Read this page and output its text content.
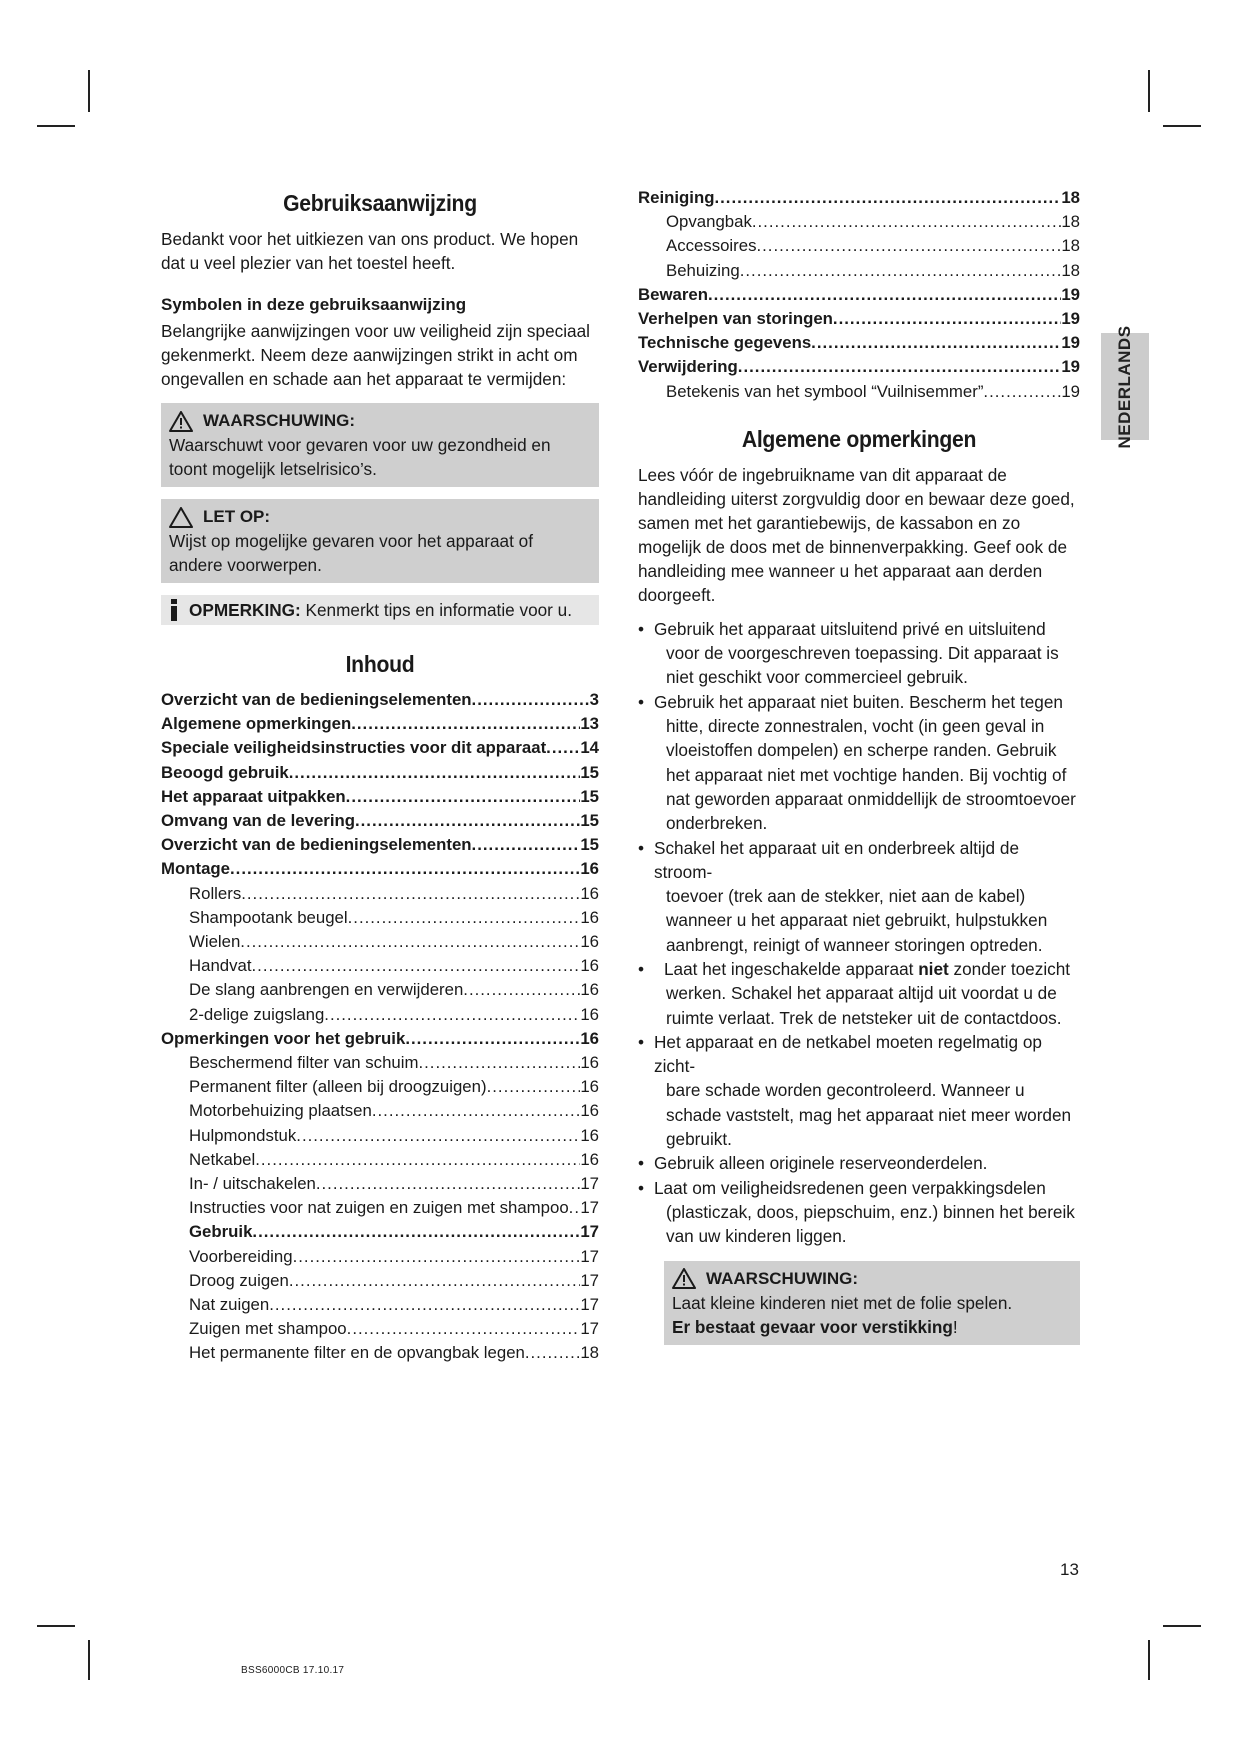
Gebruiksaanwijzing

Bedankt voor het uitkiezen van ons product. We hopen dat u veel plezier van het toestel heeft.

Symbolen in deze gebruiksaanwijzing

Belangrijke aanwijzingen voor uw veiligheid zijn speciaal gekenmerkt. Neem deze aanwijzingen strikt in acht om ongevallen en schade aan het apparaat te vermijden:

WAARSCHUWING:
Waarschuwt voor gevaren voor uw gezondheid en toont mogelijk letselrisico’s.
LET OP:
Wijst op mogelijke gevaren voor het apparaat of andere voorwerpen.
OPMERKING: Kenmerkt tips en informatie voor u.
Inhoud
Overzicht van de bedieningselementen .....	3
Algemene opmerkingen .....	13
Speciale veiligheidsinstructies voor dit apparaat ..... 14
Beoogd gebruik .....	15
Het apparaat uitpakken .....	15
Omvang van de levering .....	15
Overzicht van de bedieningselementen .....	15
Montage .....	16
Rollers .....	16
Shampootank beugel .....	16
Wielen .....	16
Handvat .....	16
De slang aanbrengen en verwijderen .....	16
2-delige zuigslang .....	16
Opmerkingen voor het gebruik .....	16
Beschermend filter van schuim .....	16
Permanent filter (alleen bij droogzuigen) .....	16
Motorbehuizing plaatsen .....	16
Hulpmondstuk .....	16
Netkabel .....	16
In- / uitschakelen .....	17
Instructies voor nat zuigen en zuigen met shampoo ..... 17
Gebruik .....	17
Voorbereiding .....	17
Droog zuigen .....	17
Nat zuigen .....	17
Zuigen met shampoo .....	17
Het permanente filter en de opvangbak legen .....	18
Reiniging .....	18
Opvangbak .....	18
Accessoires .....	18
Behuizing .....	18
Bewaren .....	19
Verhelpen van storingen .....	19
Technische gegevens .....	19
Verwijdering .....	19
Betekenis van het symbool “Vuilnisemmer” .....	19
Algemene opmerkingen

Lees vóór de ingebruikname van dit apparaat de handleiding uiterst zorgvuldig door en bewaar deze goed, samen met het garantiebewijs, de kassabon en zo mogelijk de doos met de binnenverpakking. Geef ook de handleiding mee wanneer u het apparaat aan derden doorgeeft.

• Gebruik het apparaat uitsluitend privé en uitsluitend
voor de voorgeschreven toepassing. Dit apparaat is niet geschikt voor commercieel gebruik.
• Gebruik het apparaat niet buiten. Bescherm het tegen
hitte, directe zonnestralen, vocht (in geen geval in vloeistoffen dompelen) en scherpe randen. Gebruik het apparaat niet met vochtige handen. Bij vochtig of nat geworden apparaat onmiddellijk de stroomtoevoer onderbreken.
• Schakel het apparaat uit en onderbreek altijd de stroom-
toevoer (trek aan de stekker, niet aan de kabel) wanneer u het apparaat niet gebruikt, hulpstukken aanbrengt, reinigt of wanneer storingen optreden.
• Laat het ingeschakelde apparaat niet zonder toezicht
werken. Schakel het apparaat altijd uit voordat u de ruimte verlaat. Trek de netsteker uit de contactdoos.
• Het apparaat en de netkabel moeten regelmatig op zicht-
bare schade worden gecontroleerd. Wanneer u schade vaststelt, mag het apparaat niet meer worden gebruikt.
• Gebruik alleen originele reserveonderdelen.
• Laat om veiligheidsredenen geen verpakkingsdelen
(plasticzak, doos, piepschuim, enz.) binnen het bereik van uw kinderen liggen.
WAARSCHUWING:
Laat kleine kinderen niet met de folie spelen.
Er bestaat gevaar voor verstikking!
NEDERLANDS
13
BSS6000CB 17.10.17
